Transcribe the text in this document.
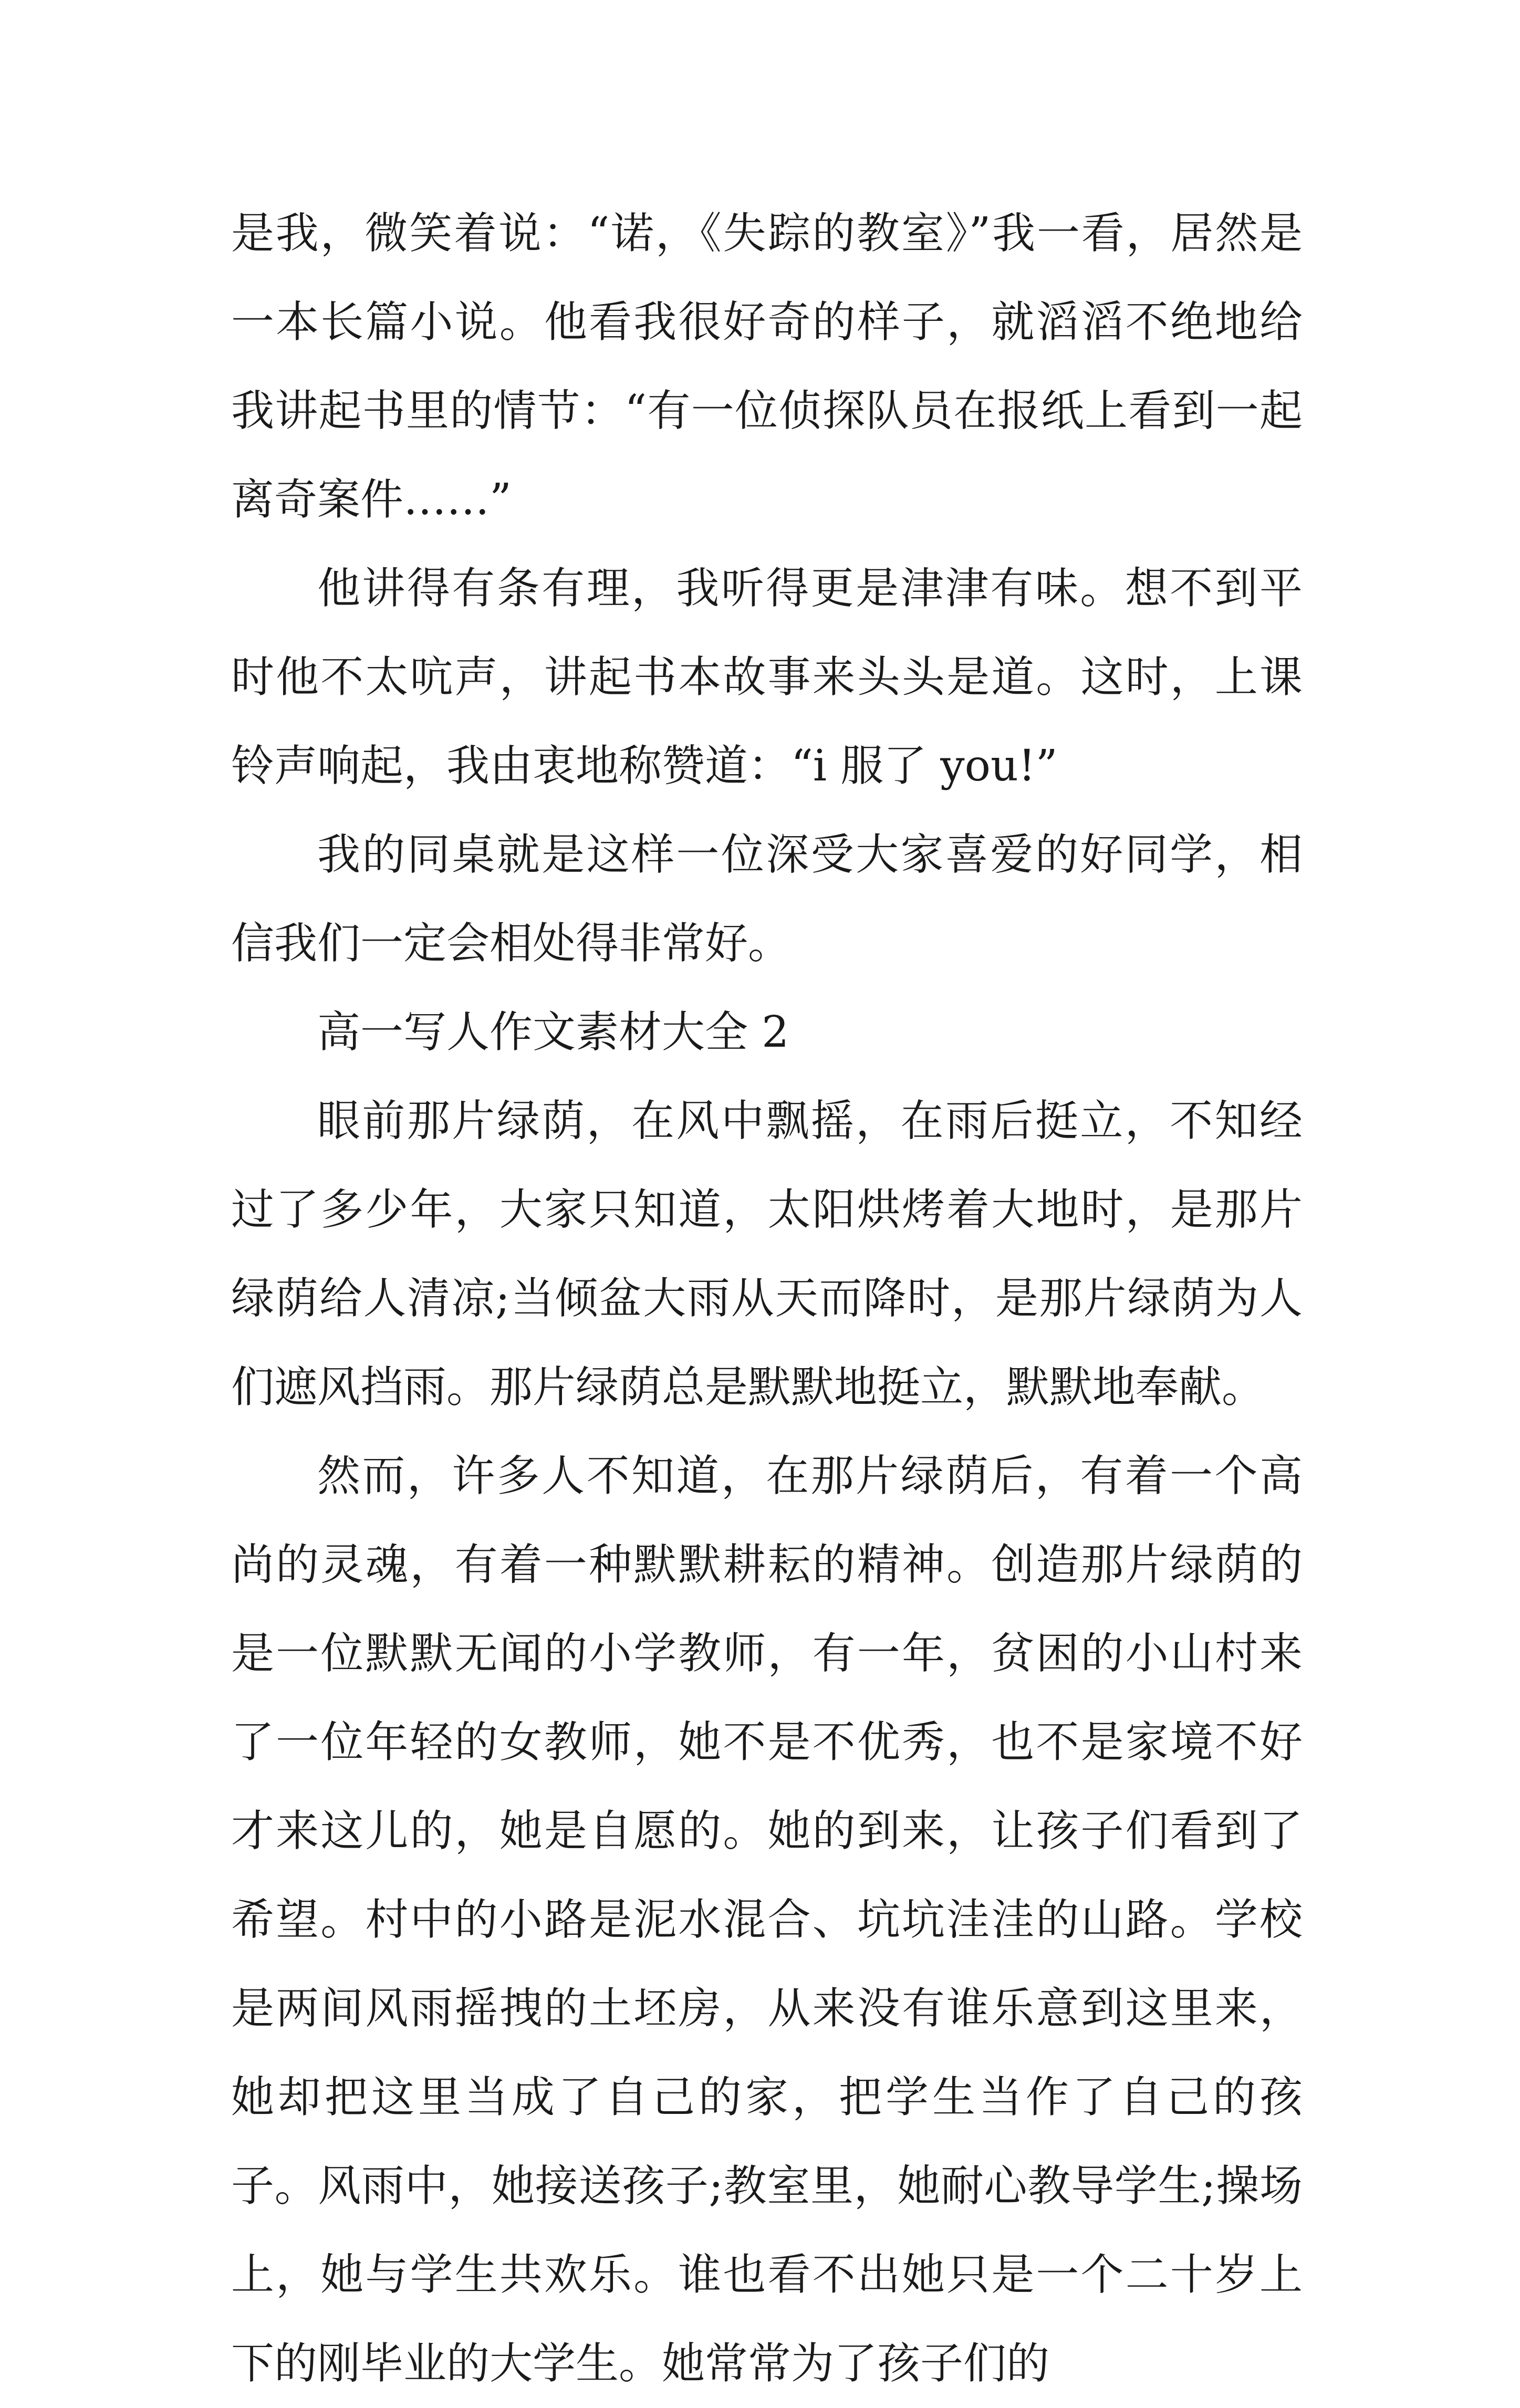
是我，微笑着说：“诺，《失踪的教室》”我一看，居然是一本长篇小说。他看我很好奇的样子，就滔滔不绝地给我讲起书里的情节：“有一位侦探队员在报纸上看到一起离奇案件……”

他讲得有条有理，我听得更是津津有味。想不到平时他不太吭声，讲起书本故事来头头是道。这时，上课铃声响起，我由衷地称赞道：“i 服了 you!”

我的同桌就是这样一位深受大家喜爱的好同学，相信我们一定会相处得非常好。

高一写人作文素材大全 2

眼前那片绿荫，在风中飘摇，在雨后挺立，不知经过了多少年，大家只知道，太阳烘烤着大地时，是那片绿荫给人清凉;当倾盆大雨从天而降时，是那片绿荫为人们遮风挡雨。那片绿荫总是默默地挺立，默默地奉献。

然而，许多人不知道，在那片绿荫后，有着一个高尚的灵魂，有着一种默默耕耘的精神。创造那片绿荫的是一位默默无闻的小学教师，有一年，贫困的小山村来了一位年轻的女教师，她不是不优秀，也不是家境不好才来这儿的，她是自愿的。她的到来，让孩子们看到了希望。村中的小路是泥水混合、坑坑洼洼的山路。学校是两间风雨摇拽的土坯房，从来没有谁乐意到这里来，她却把这里当成了自己的家，把学生当作了自己的孩子。风雨中，她接送孩子;教室里，她耐心教导学生;操场上，她与学生共欢乐。谁也看不出她只是一个二十岁上下的刚毕业的大学生。她常常为了孩子们的
